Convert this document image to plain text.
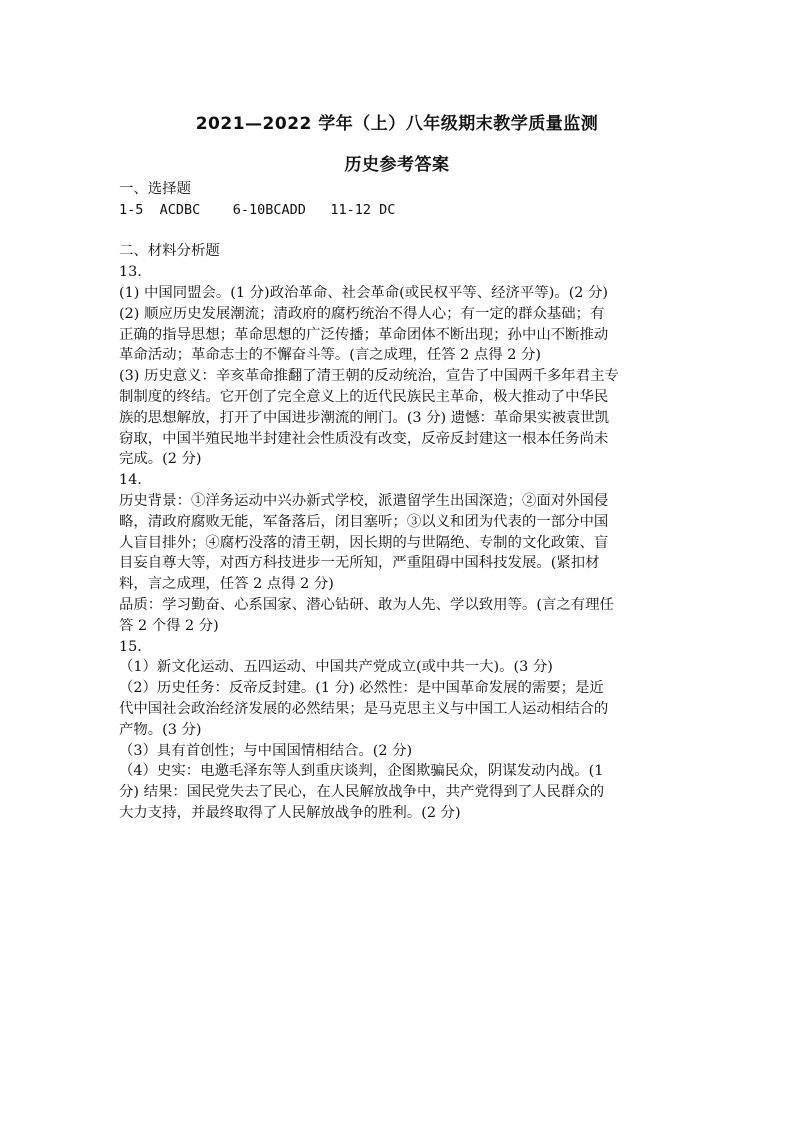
2021—2022 学年（上）八年级期末教学质量监测
历史参考答案
一、选择题
1-5  ACDBC    6-10BCADD   11-12 DC
二、材料分析题
13.
(1) 中国同盟会。(1 分)政治革命、社会革命(或民权平等、经济平等)。(2 分)
(2) 顺应历史发展潮流；清政府的腐朽统治不得人心；有一定的群众基础；有
正确的指导思想；革命思想的广泛传播；革命团体不断出现；孙中山不断推动
革命活动；革命志士的不懈奋斗等。(言之成理，任答 2 点得 2 分)
(3) 历史意义：辛亥革命推翻了清王朝的反动统治，宣告了中国两千多年君主专
制制度的终结。它开创了完全意义上的近代民族民主革命，极大推动了中华民
族的思想解放，打开了中国进步潮流的闸门。(3 分) 遗憾：革命果实被袁世凯
窃取，中国半殖民地半封建社会性质没有改变，反帝反封建这一根本任务尚未
完成。(2 分)
14.
历史背景：①洋务运动中兴办新式学校，派遣留学生出国深造；②面对外国侵
略，清政府腐败无能，军备落后，闭目塞听；③以义和团为代表的一部分中国
人盲目排外；④腐朽没落的清王朝，因长期的与世隔绝、专制的文化政策、盲
目妄自尊大等，对西方科技进步一无所知，严重阻碍中国科技发展。(紧扣材
料，言之成理，任答 2 点得 2 分)
品质：学习勤奋、心系国家、潜心钻研、敢为人先、学以致用等。(言之有理任
答 2 个得 2 分)
15.
（1）新文化运动、五四运动、中国共产党成立(或中共一大)。(3 分)
（2）历史任务：反帝反封建。(1 分) 必然性：是中国革命发展的需要；是近
代中国社会政治经济发展的必然结果；是马克思主义与中国工人运动相结合的
产物。(3 分)
（3）具有首创性；与中国国情相结合。(2 分)
（4）史实：电邀毛泽东等人到重庆谈判，企图欺骗民众，阴谋发动内战。(1
分) 结果：国民党失去了民心，在人民解放战争中，共产党得到了人民群众的
大力支持，并最终取得了人民解放战争的胜利。(2 分)
